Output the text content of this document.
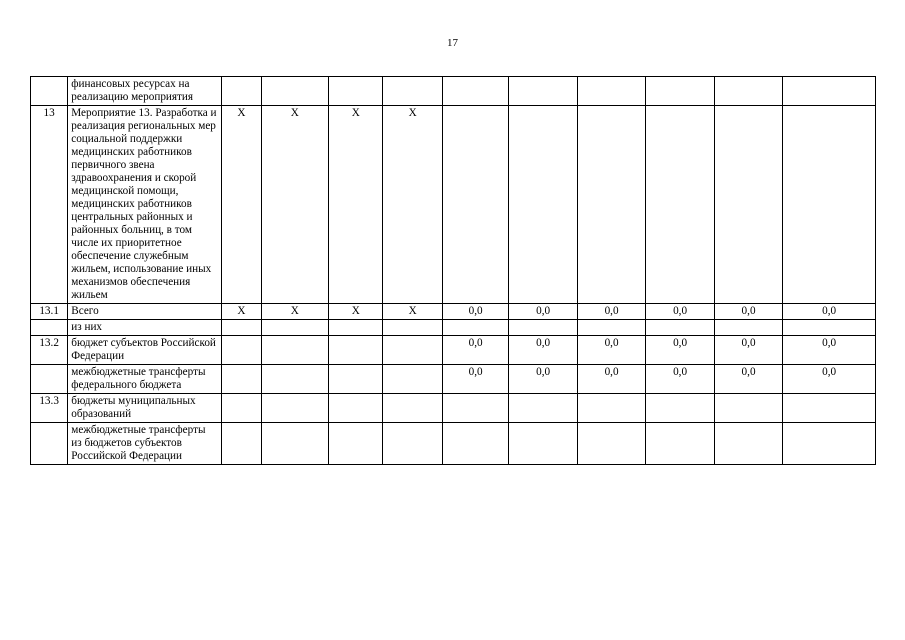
17
	финансовых ресурсах на реализацию мероприятия										
13	Мероприятие 13. Разработка и реализация региональных мер социальной поддержки медицинских работников первичного звена здравоохранения и скорой медицинской помощи, медицинских работников центральных районных и районных больниц, в том числе их приоритетное обеспечение служебным жильем, использование иных механизмов обеспечения жильем	X	X	X	X						
13.1	Всего	X	X	X	X	0,0	0,0	0,0	0,0	0,0	0,0
	из них										
13.2	бюджет субъектов Российской Федерации					0,0	0,0	0,0	0,0	0,0	0,0
	межбюджетные трансферты федерального бюджета					0,0	0,0	0,0	0,0	0,0	0,0
13.3	бюджеты муниципальных образований										
	межбюджетные трансферты из бюджетов субъектов Российской Федерации										
